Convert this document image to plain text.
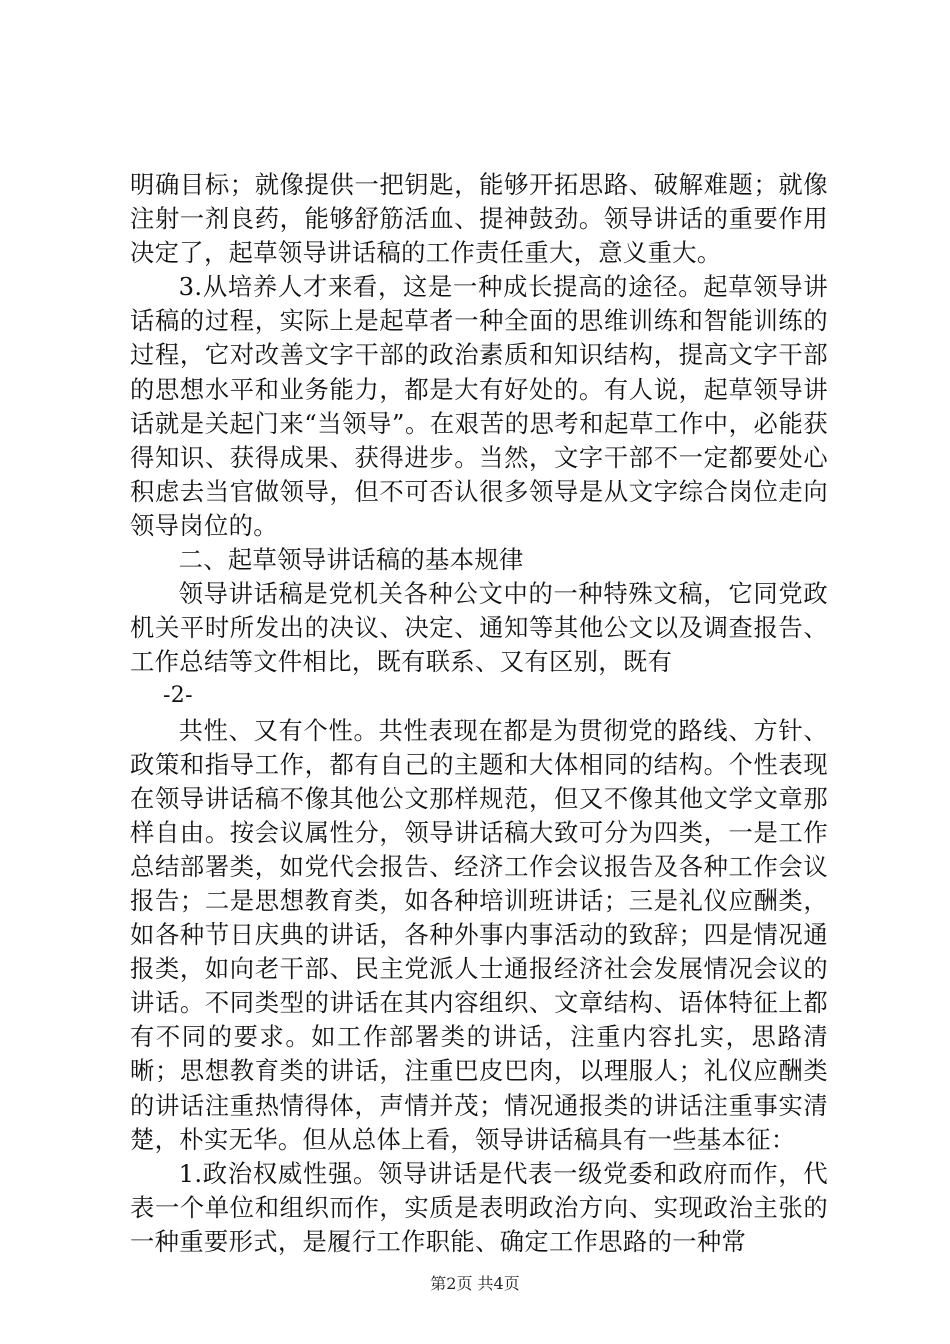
明确目标；就像提供一把钥匙，能够开拓思路、破解难题；就像注射一剂良药，能够舒筋活血、提神鼓劲。领导讲话的重要作用决定了，起草领导讲话稿的工作责任重大，意义重大。

3.从培养人才来看，这是一种成长提高的途径。起草领导讲话稿的过程，实际上是起草者一种全面的思维训练和智能训练的过程，它对改善文字干部的政治素质和知识结构，提高文字干部的思想水平和业务能力，都是大有好处的。有人说，起草领导讲话就是关起门来“当领导”。在艰苦的思考和起草工作中，必能获得知识、获得成果、获得进步。当然，文字干部不一定都要处心积虑去当官做领导，但不可否认很多领导是从文字综合岗位走向领导岗位的。

二、起草领导讲话稿的基本规律

领导讲话稿是党机关各种公文中的一种特殊文稿，它同党政机关平时所发出的决议、决定、通知等其他公文以及调查报告、工作总结等文件相比，既有联系、又有区别，既有

-2-

共性、又有个性。共性表现在都是为贯彻党的路线、方针、政策和指导工作，都有自己的主题和大体相同的结构。个性表现在领导讲话稿不像其他公文那样规范，但又不像其他文学文章那样自由。按会议属性分，领导讲话稿大致可分为四类，一是工作总结部署类，如党代会报告、经济工作会议报告及各种工作会议报告；二是思想教育类，如各种培训班讲话；三是礼仪应酬类，如各种节日庆典的讲话，各种外事内事活动的致辞；四是情况通报类，如向老干部、民主党派人士通报经济社会发展情况会议的讲话。不同类型的讲话在其内容组织、文章结构、语体特征上都有不同的要求。如工作部署类的讲话，注重内容扎实，思路清晰；思想教育类的讲话，注重巴皮巴肉，以理服人；礼仪应酬类的讲话注重热情得体，声情并茂；情况通报类的讲话注重事实清楚，朴实无华。但从总体上看，领导讲话稿具有一些基本征：

1.政治权威性强。领导讲话是代表一级党委和政府而作，代表一个单位和组织而作，实质是表明政治方向、实现政治主张的一种重要形式，是履行工作职能、确定工作思路的一种常

第2页 共4页
